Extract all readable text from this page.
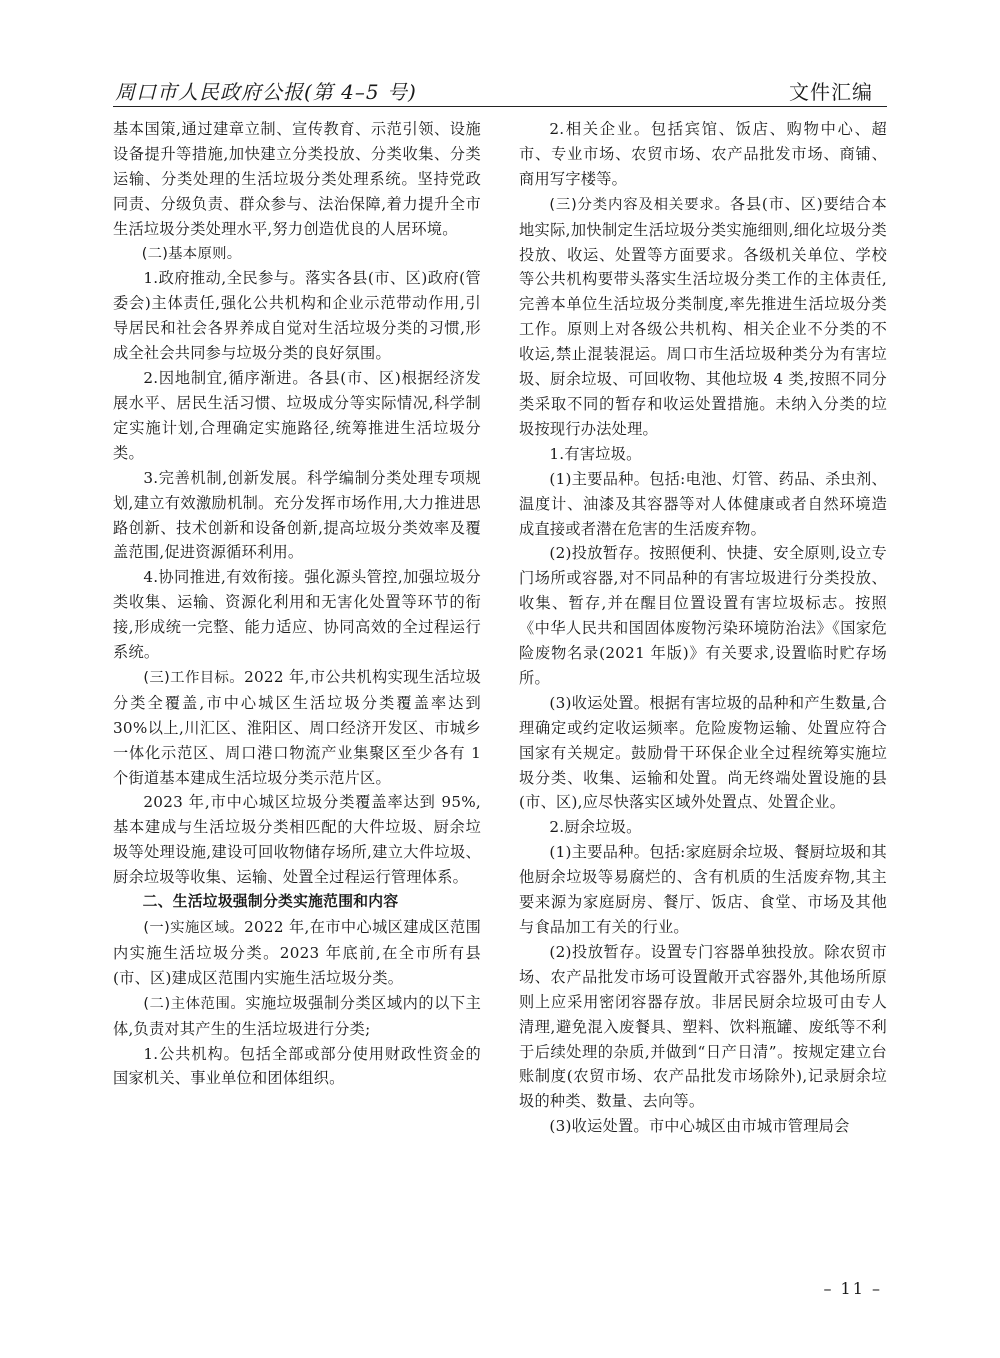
周口市人民政府公报(第 4–5 号)	文件汇编

基本国策,通过建章立制、宣传教育、示范引领、设施设备提升等措施,加快建立分类投放、分类收集、分类运输、分类处理的生活垃圾分类处理系统。坚持党政同责、分级负责、群众参与、法治保障,着力提升全市生活垃圾分类处理水平,努力创造优良的人居环境。

(二)基本原则。

1.政府推动,全民参与。落实各县(市、区)政府(管委会)主体责任,强化公共机构和企业示范带动作用,引导居民和社会各界养成自觉对生活垃圾分类的习惯,形成全社会共同参与垃圾分类的良好氛围。

2.因地制宜,循序渐进。各县(市、区)根据经济发展水平、居民生活习惯、垃圾成分等实际情况,科学制定实施计划,合理确定实施路径,统筹推进生活垃圾分类。

3.完善机制,创新发展。科学编制分类处理专项规划,建立有效激励机制。充分发挥市场作用,大力推进思路创新、技术创新和设备创新,提高垃圾分类效率及覆盖范围,促进资源循环利用。

4.协同推进,有效衔接。强化源头管控,加强垃圾分类收集、运输、资源化利用和无害化处置等环节的衔接,形成统一完整、能力适应、协同高效的全过程运行系统。

(三)工作目标。2022 年,市公共机构实现生活垃圾分类全覆盖,市中心城区生活垃圾分类覆盖率达到 30%以上,川汇区、淮阳区、周口经济开发区、市城乡一体化示范区、周口港口物流产业集聚区至少各有 1 个街道基本建成生活垃圾分类示范片区。

2023 年,市中心城区垃圾分类覆盖率达到 95%,基本建成与生活垃圾分类相匹配的大件垃圾、厨余垃圾等处理设施,建设可回收物储存场所,建立大件垃圾、厨余垃圾等收集、运输、处置全过程运行管理体系。

二、生活垃圾强制分类实施范围和内容

(一)实施区域。2022 年,在市中心城区建成区范围内实施生活垃圾分类。2023 年底前,在全市所有县(市、区)建成区范围内实施生活垃圾分类。

(二)主体范围。实施垃圾强制分类区域内的以下主体,负责对其产生的生活垃圾进行分类;

1.公共机构。包括全部或部分使用财政性资金的国家机关、事业单位和团体组织。

2.相关企业。包括宾馆、饭店、购物中心、超市、专业市场、农贸市场、农产品批发市场、商铺、商用写字楼等。

(三)分类内容及相关要求。各县(市、区)要结合本地实际,加快制定生活垃圾分类实施细则,细化垃圾分类投放、收运、处置等方面要求。各级机关单位、学校等公共机构要带头落实生活垃圾分类工作的主体责任,完善本单位生活垃圾分类制度,率先推进生活垃圾分类工作。原则上对各级公共机构、相关企业不分类的不收运,禁止混装混运。周口市生活垃圾种类分为有害垃圾、厨余垃圾、可回收物、其他垃圾 4 类,按照不同分类采取不同的暂存和收运处置措施。未纳入分类的垃圾按现行办法处理。

1.有害垃圾。

(1)主要品种。包括:电池、灯管、药品、杀虫剂、温度计、油漆及其容器等对人体健康或者自然环境造成直接或者潜在危害的生活废弃物。

(2)投放暂存。按照便利、快捷、安全原则,设立专门场所或容器,对不同品种的有害垃圾进行分类投放、收集、暂存,并在醒目位置设置有害垃圾标志。按照《中华人民共和国固体废物污染环境防治法》《国家危险废物名录(2021 年版)》有关要求,设置临时贮存场所。

(3)收运处置。根据有害垃圾的品种和产生数量,合理确定或约定收运频率。危险废物运输、处置应符合国家有关规定。鼓励骨干环保企业全过程统筹实施垃圾分类、收集、运输和处置。尚无终端处置设施的县(市、区),应尽快落实区域外处置点、处置企业。

2.厨余垃圾。

(1)主要品种。包括:家庭厨余垃圾、餐厨垃圾和其他厨余垃圾等易腐烂的、含有机质的生活废弃物,其主要来源为家庭厨房、餐厅、饭店、食堂、市场及其他与食品加工有关的行业。

(2)投放暂存。设置专门容器单独投放。除农贸市场、农产品批发市场可设置敞开式容器外,其他场所原则上应采用密闭容器存放。非居民厨余垃圾可由专人清理,避免混入废餐具、塑料、饮料瓶罐、废纸等不利于后续处理的杂质,并做到“日产日清”。按规定建立台账制度(农贸市场、农产品批发市场除外),记录厨余垃圾的种类、数量、去向等。

(3)收运处置。市中心城区由市城市管理局会

– 11 –
